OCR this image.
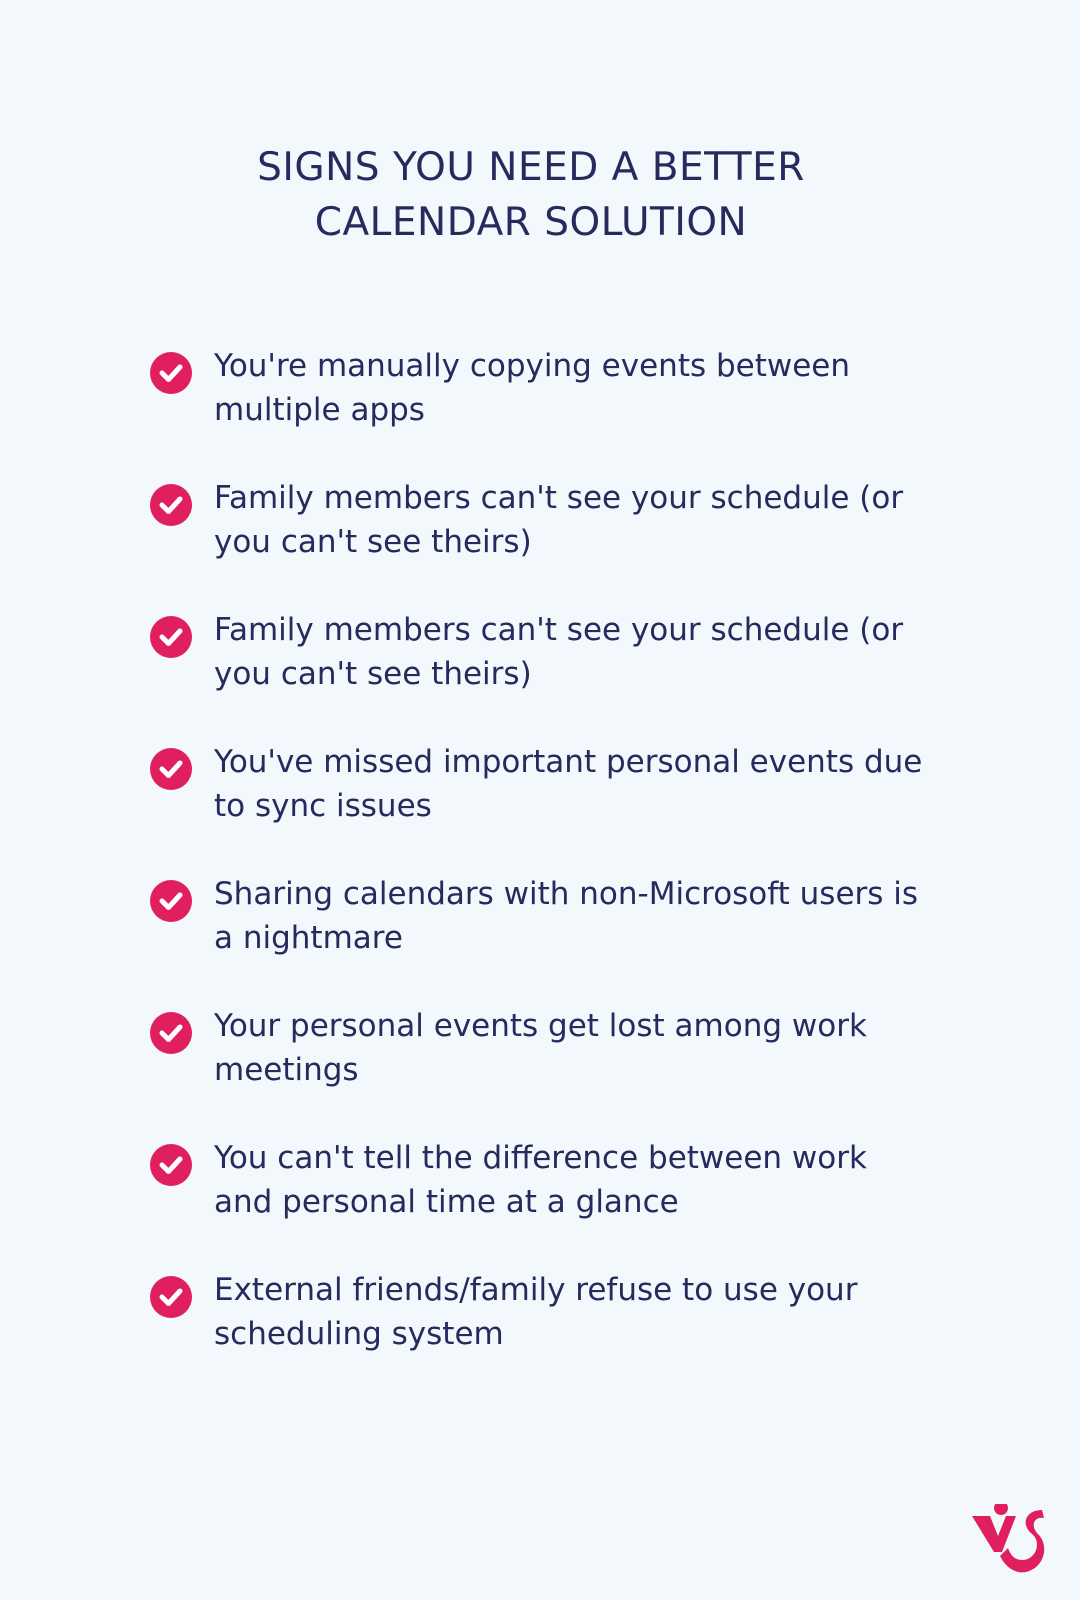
SIGNS YOU NEED A BETTER
CALENDAR SOLUTION
You're manually copying events between multiple apps
Family members can't see your schedule (or you can't see theirs)
Family members can't see your schedule (or you can't see theirs)
You've missed important personal events due to sync issues
Sharing calendars with non-Microsoft users is a nightmare
Your personal events get lost among work meetings
You can't tell the difference between work and personal time at a glance
External friends/family refuse to use your scheduling system
